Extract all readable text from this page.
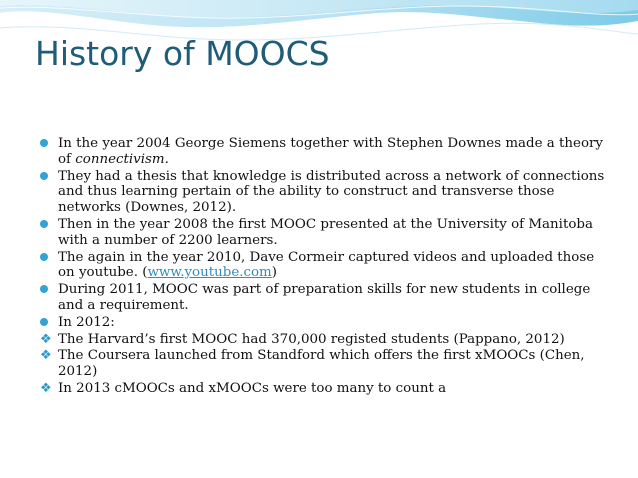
History of MOOCS
In the year 2004 George Siemens together with Stephen Downes made a theory of connectivism.
They had a thesis that knowledge is distributed across a network of connections and thus learning pertain of the ability to construct and transverse those networks (Downes, 2012).
Then in the year 2008 the first MOOC presented at the University of Manitoba with a number of 2200 learners.
The again in the year 2010, Dave Cormeir captured videos and uploaded those on youtube. (www.youtube.com)
During 2011, MOOC was part of preparation skills for new students in college and a requirement.
In 2012:
❖ The Harvard’s first MOOC had 370,000 registed students (Pappano, 2012)
❖ The Coursera launched from Standford which offers the first xMOOCs (Chen, 2012)
❖ In 2013 cMOOCs and xMOOCs were too many to count a
